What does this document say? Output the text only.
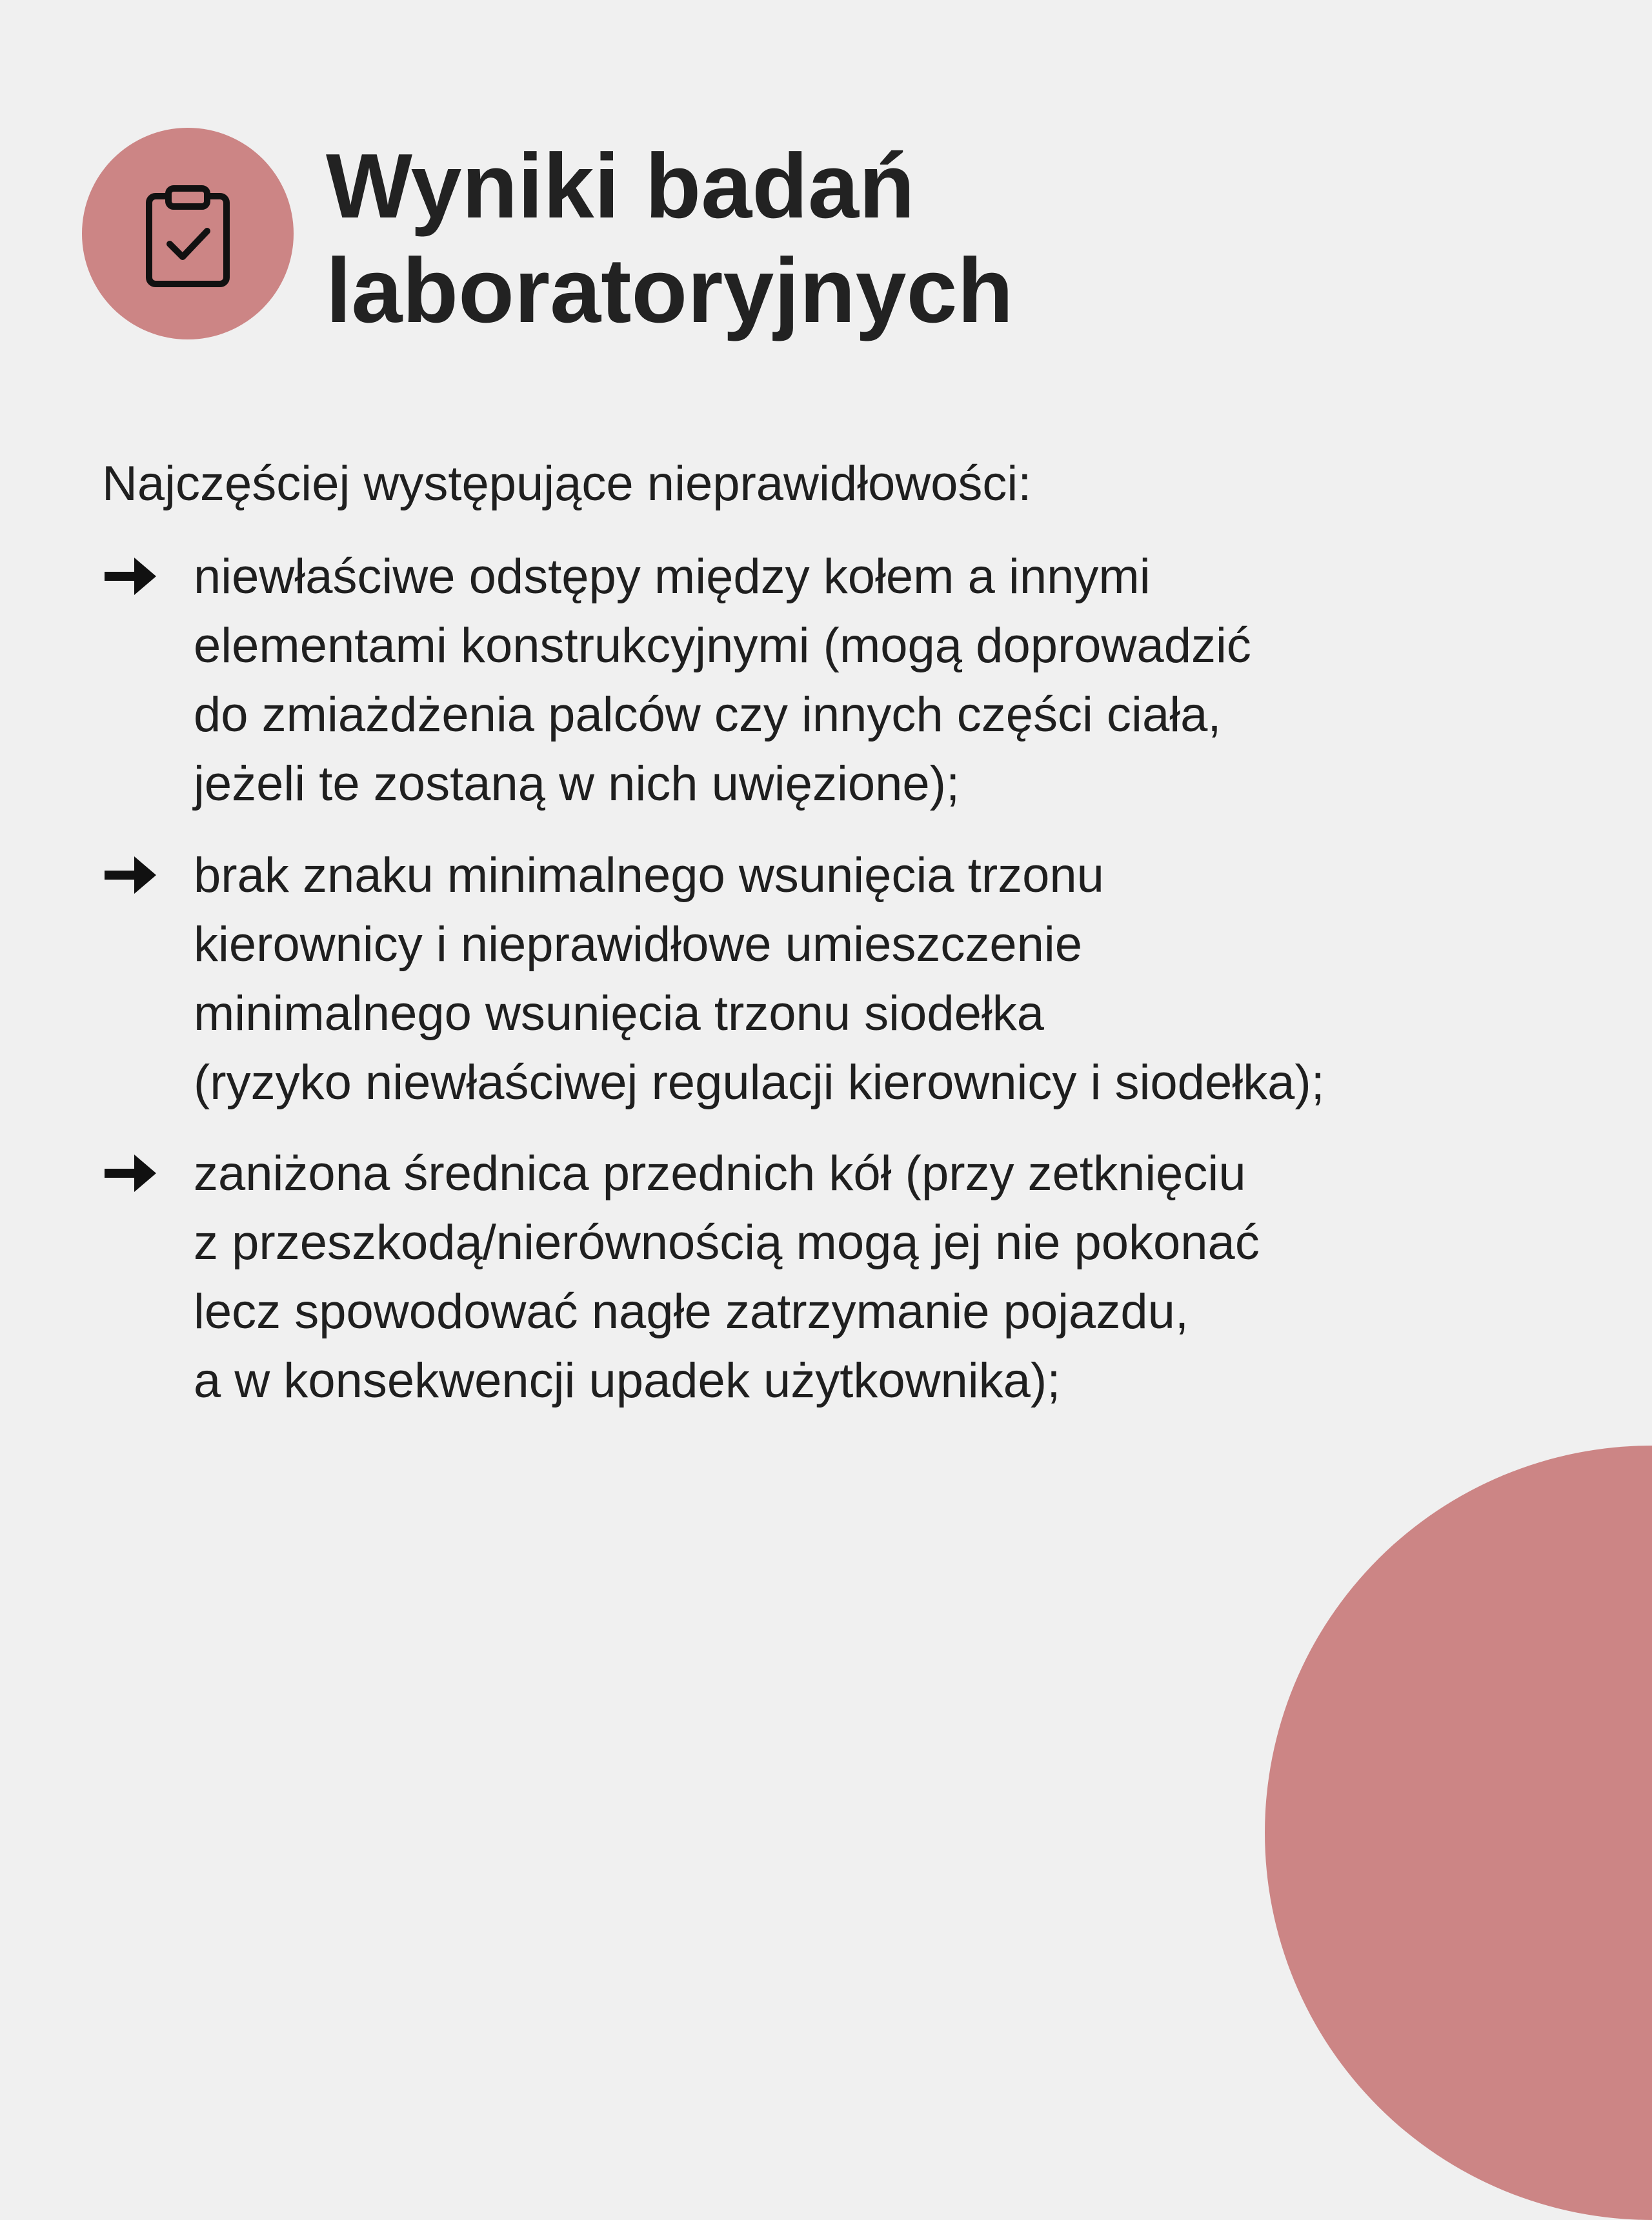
Wyniki badań
laboratoryjnych

Najczęściej występujące nieprawidłowości:

niewłaściwe odstępy między kołem a innymi
elementami konstrukcyjnymi (mogą doprowadzić
do zmiażdżenia palców czy innych części ciała,
jeżeli te zostaną w nich uwięzione);
brak znaku minimalnego wsunięcia trzonu
kierownicy i nieprawidłowe umieszczenie
minimalnego wsunięcia trzonu siodełka
(ryzyko niewłaściwej regulacji kierownicy i siodełka);
zaniżona średnica przednich kół (przy zetknięciu
z przeszkodą/nierównością mogą jej nie pokonać
lecz spowodować nagłe zatrzymanie pojazdu,
a w konsekwencji upadek użytkownika);
